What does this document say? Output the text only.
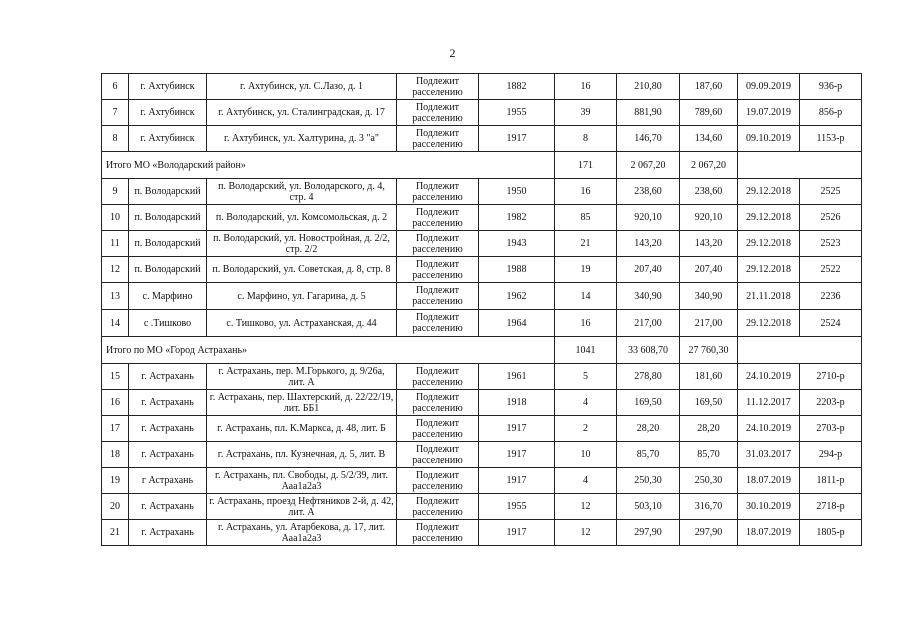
2
6	г. Ахтубинск	г. Ахтубинск, ул. С.Лазо, д. 1	Подлежит расселению	1882	16	210,80	187,60	09.09.2019	936-р
7	г. Ахтубинск	г. Ахтубинск, ул. Сталинградская, д. 17	Подлежит расселению	1955	39	881,90	789,60	19.07.2019	856-р
8	г. Ахтубинск	г. Ахтубинск, ул. Халтурина, д. 3 "а"	Подлежит расселению	1917	8	146,70	134,60	09.10.2019	1153-р
Итого МО «Володарский район»					171	2 067,20	2 067,20		
9	п. Володарский	п. Володарский, ул. Володарского, д. 4, стр. 4	Подлежит расселению	1950	16	238,60	238,60	29.12.2018	2525
10	п. Володарский	п. Володарский, ул. Комсомольская, д. 2	Подлежит расселению	1982	85	920,10	920,10	29.12.2018	2526
11	п. Володарский	п. Володарский, ул. Новостройная, д. 2/2, стр. 2/2	Подлежит расселению	1943	21	143,20	143,20	29.12.2018	2523
12	п. Володарский	п. Володарский, ул. Советская, д. 8, стр. 8	Подлежит расселению	1988	19	207,40	207,40	29.12.2018	2522
13	с. Марфино	с. Марфино, ул. Гагарина, д. 5	Подлежит расселению	1962	14	340,90	340,90	21.11.2018	2236
14	с .Тишково	с. Тишково, ул. Астраханская, д. 44	Подлежит расселению	1964	16	217,00	217,00	29.12.2018	2524
Итого по МО «Город Астрахань»					1041	33 608,70	27 760,30		
15	г. Астрахань	г. Астрахань, пер. М.Горького, д. 9/26а, лит. А	Подлежит расселению	1961	5	278,80	181,60	24.10.2019	2710-р
16	г. Астрахань	г. Астрахань, пер. Шахтерский, д. 22/22/19, лит. ББ1	Подлежит расселению	1918	4	169,50	169,50	11.12.2017	2203-р
17	г. Астрахань	г. Астрахань, пл. К.Маркса, д. 48, лит. Б	Подлежит расселению	1917	2	28,20	28,20	24.10.2019	2703-р
18	г. Астрахань	г. Астрахань, пл. Кузнечная, д. 5, лит. В	Подлежит расселению	1917	10	85,70	85,70	31.03.2017	294-р
19	г Астрахань	г. Астрахань, пл. Свободы, д. 5/2/39, лит. Ааа1а2а3	Подлежит расселению	1917	4	250,30	250,30	18.07.2019	1811-р
20	г. Астрахань	г. Астрахань, проезд Нефтяников 2-й, д. 42, лит. А	Подлежит расселению	1955	12	503,10	316,70	30.10.2019	2718-р
21	г. Астрахань	г. Астрахань, ул. Атарбекова, д. 17, лит. Ааа1а2а3	Подлежит расселению	1917	12	297,90	297,90	18.07.2019	1805-р
